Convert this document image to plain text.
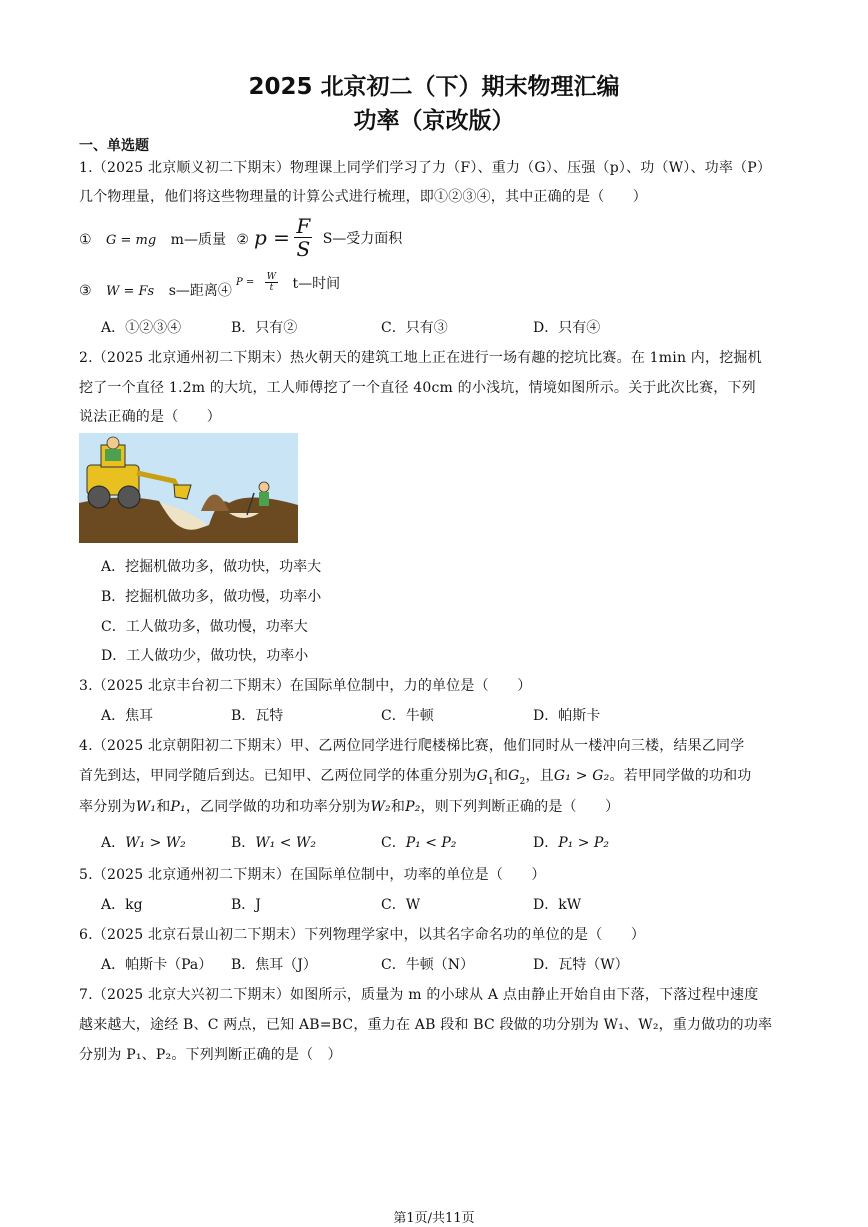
2025 北京初二（下）期末物理汇编
功率（京改版）
一、单选题
1.（2025 北京顺义初二下期末）物理课上同学们学习了力（F）、重力（G）、压强（p）、功（W）、功率（P）
几个物理量，他们将这些物理量的计算公式进行梳理，即①②③④，其中正确的是（　　）
① G = mg m—质量 ② $p = \frac{F}{S}$ S—受力面积
③ W = Fs s—距离④
$P = \frac{W}{t}$ t—时间
A．①②③④	B．只有②	C．只有③	D．只有④
2.（2025 北京通州初二下期末）热火朝天的建筑工地上正在进行一场有趣的挖坑比赛。在 1min 内，挖掘机
挖了一个直径 1.2m 的大坑，工人师傅挖了一个直径 40cm 的小浅坑，情境如图所示。关于此次比赛，下列
说法正确的是（　　）
A．挖掘机做功多，做功快，功率大
B．挖掘机做功多，做功慢，功率小
C．工人做功多，做功慢，功率大
D．工人做功少，做功快，功率小
3.（2025 北京丰台初二下期末）在国际单位制中，力的单位是（　　）
A．焦耳	B．瓦特	C．牛顿	D．帕斯卡
4.（2025 北京朝阳初二下期末）甲、乙两位同学进行爬楼梯比赛，他们同时从一楼冲向三楼，结果乙同学
首先到达，甲同学随后到达。已知甲、乙两位同学的体重分别为$G_1$和$G_2$，且G₁ > G₂。若甲同学做的功和功
率分别为W₁和P₁，乙同学做的功和功率分别为W₂和P₂，则下列判断正确的是（　　）
A．W₁ > W₂	B．W₁ < W₂	C．P₁ < P₂	D．P₁ > P₂
5.（2025 北京通州初二下期末）在国际单位制中，功率的单位是（　　）
A．kg	B．J	C．W	D．kW
6.（2025 北京石景山初二下期末）下列物理学家中，以其名字命名功的单位的是（　　）
A．帕斯卡（Pa） B．焦耳（J）	C．牛顿（N）	D．瓦特（W）
7.（2025 北京大兴初二下期末）如图所示，质量为 m 的小球从 A 点由静止开始自由下落，下落过程中速度
越来越大，途经 B、C 两点，已知 AB=BC，重力在 AB 段和 BC 段做的功分别为 W₁、W₂，重力做功的功率
分别为 P₁、P₂。下列判断正确的是（　）
第1页/共11页
